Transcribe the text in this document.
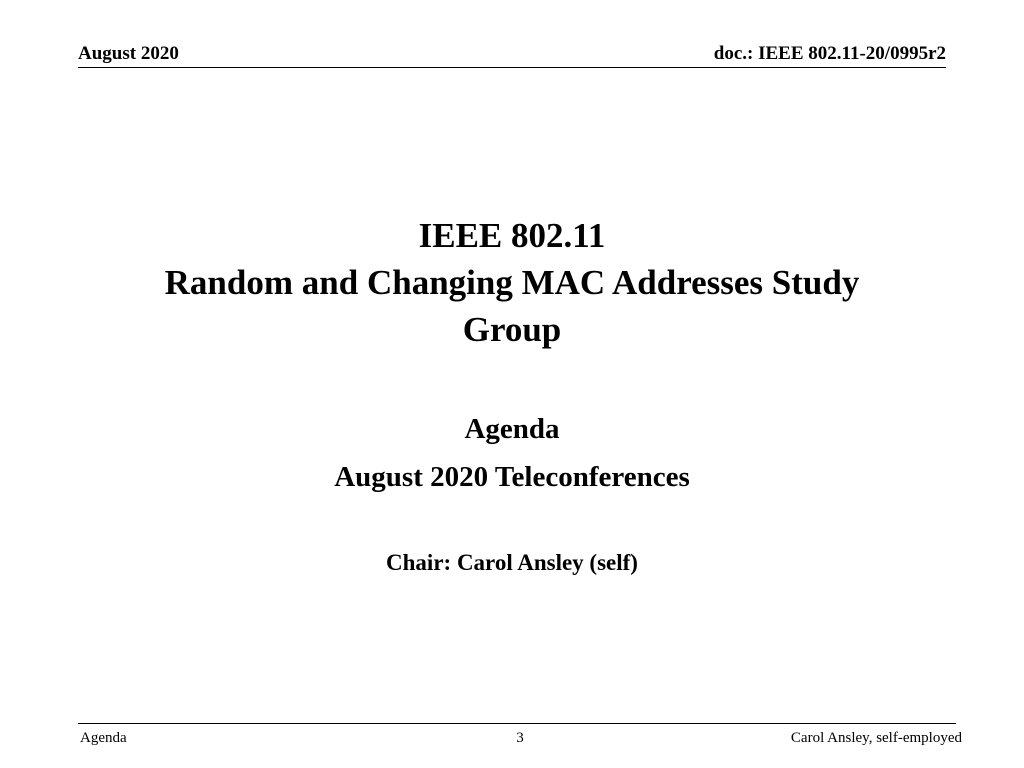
August 2020	doc.: IEEE 802.11-20/0995r2
IEEE 802.11
Random and Changing MAC Addresses Study
Group
Agenda
August 2020 Teleconferences
Chair: Carol Ansley (self)
Agenda	3	Carol Ansley, self-employed
